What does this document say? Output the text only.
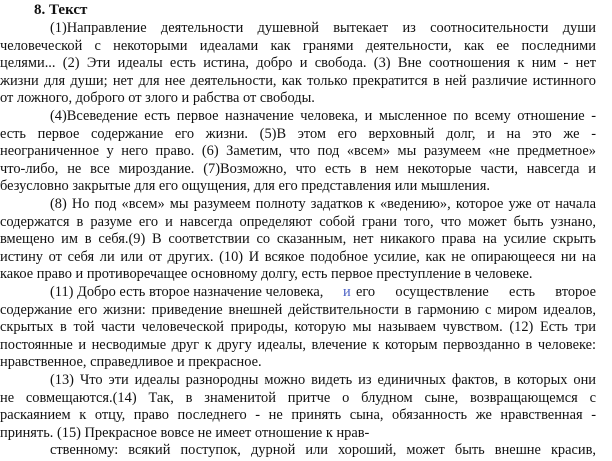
8. Текст
(1)Направление деятельности душевной вытекает из соотносительности души
человеческой с некоторыми идеалами как гранями деятельности, как ее последними
целями... (2) Эти идеалы есть истина, добро и свобода. (3) Вне соотношения к ним - нет
жизни для души; нет для нее деятельности, как только прекратится в ней различие истинного
от ложного, доброго от злого и рабства от свободы.
(4)Всеведение есть первое назначение человека, и мысленное по всему отношение -
есть первое содержание его жизни. (5)В этом его верховный долг, и на это же -
неограниченное у него право. (6) Заметим, что под «всем» мы разумеем «не предметное»
что-либо, не все мироздание. (7)Возможно, что есть в нем некоторые части, навсегда и
безусловно закрытые для его ощущения, для его представления или мышления.
(8) Но под «всем» мы разумеем полноту задатков к «ведению», которое уже от начала
содержатся в разуме его и навсегда определяют собой грани того, что может быть узнано,
вмещено им в себя.(9) В соответствии со сказанным, нет никакого права на усилие скрыть
истину от себя ли или от других. (10) И всякое подобное усилие, как не опирающееся ни на
какое право и противоречащее основному долгу, есть первое преступление в человеке.
(11) Добро есть второе назначение человека, и его осуществление есть второе
содержание его жизни: приведение внешней действительности в гармонию с миром идеалов,
скрытых в той части человеческой природы, которую мы называем чувством. (12) Есть три
постоянные и несводимые друг к другу идеалы, влечение к которым первозданно в человеке:
нравственное, справедливое и прекрасное.
(13) Что эти идеалы разнородны можно видеть из единичных фактов, в которых они
не совмещаются.(14) Так, в знаменитой притче о блудном сыне, возвращающемся с
раскаянием к отцу, право последнего - не принять сына, обязанность же нравственная -
принять. (15) Прекрасное вовсе не имеет отношение к нрав-
ственному: всякий поступок, дурной или хороший, может быть внешне красив,
